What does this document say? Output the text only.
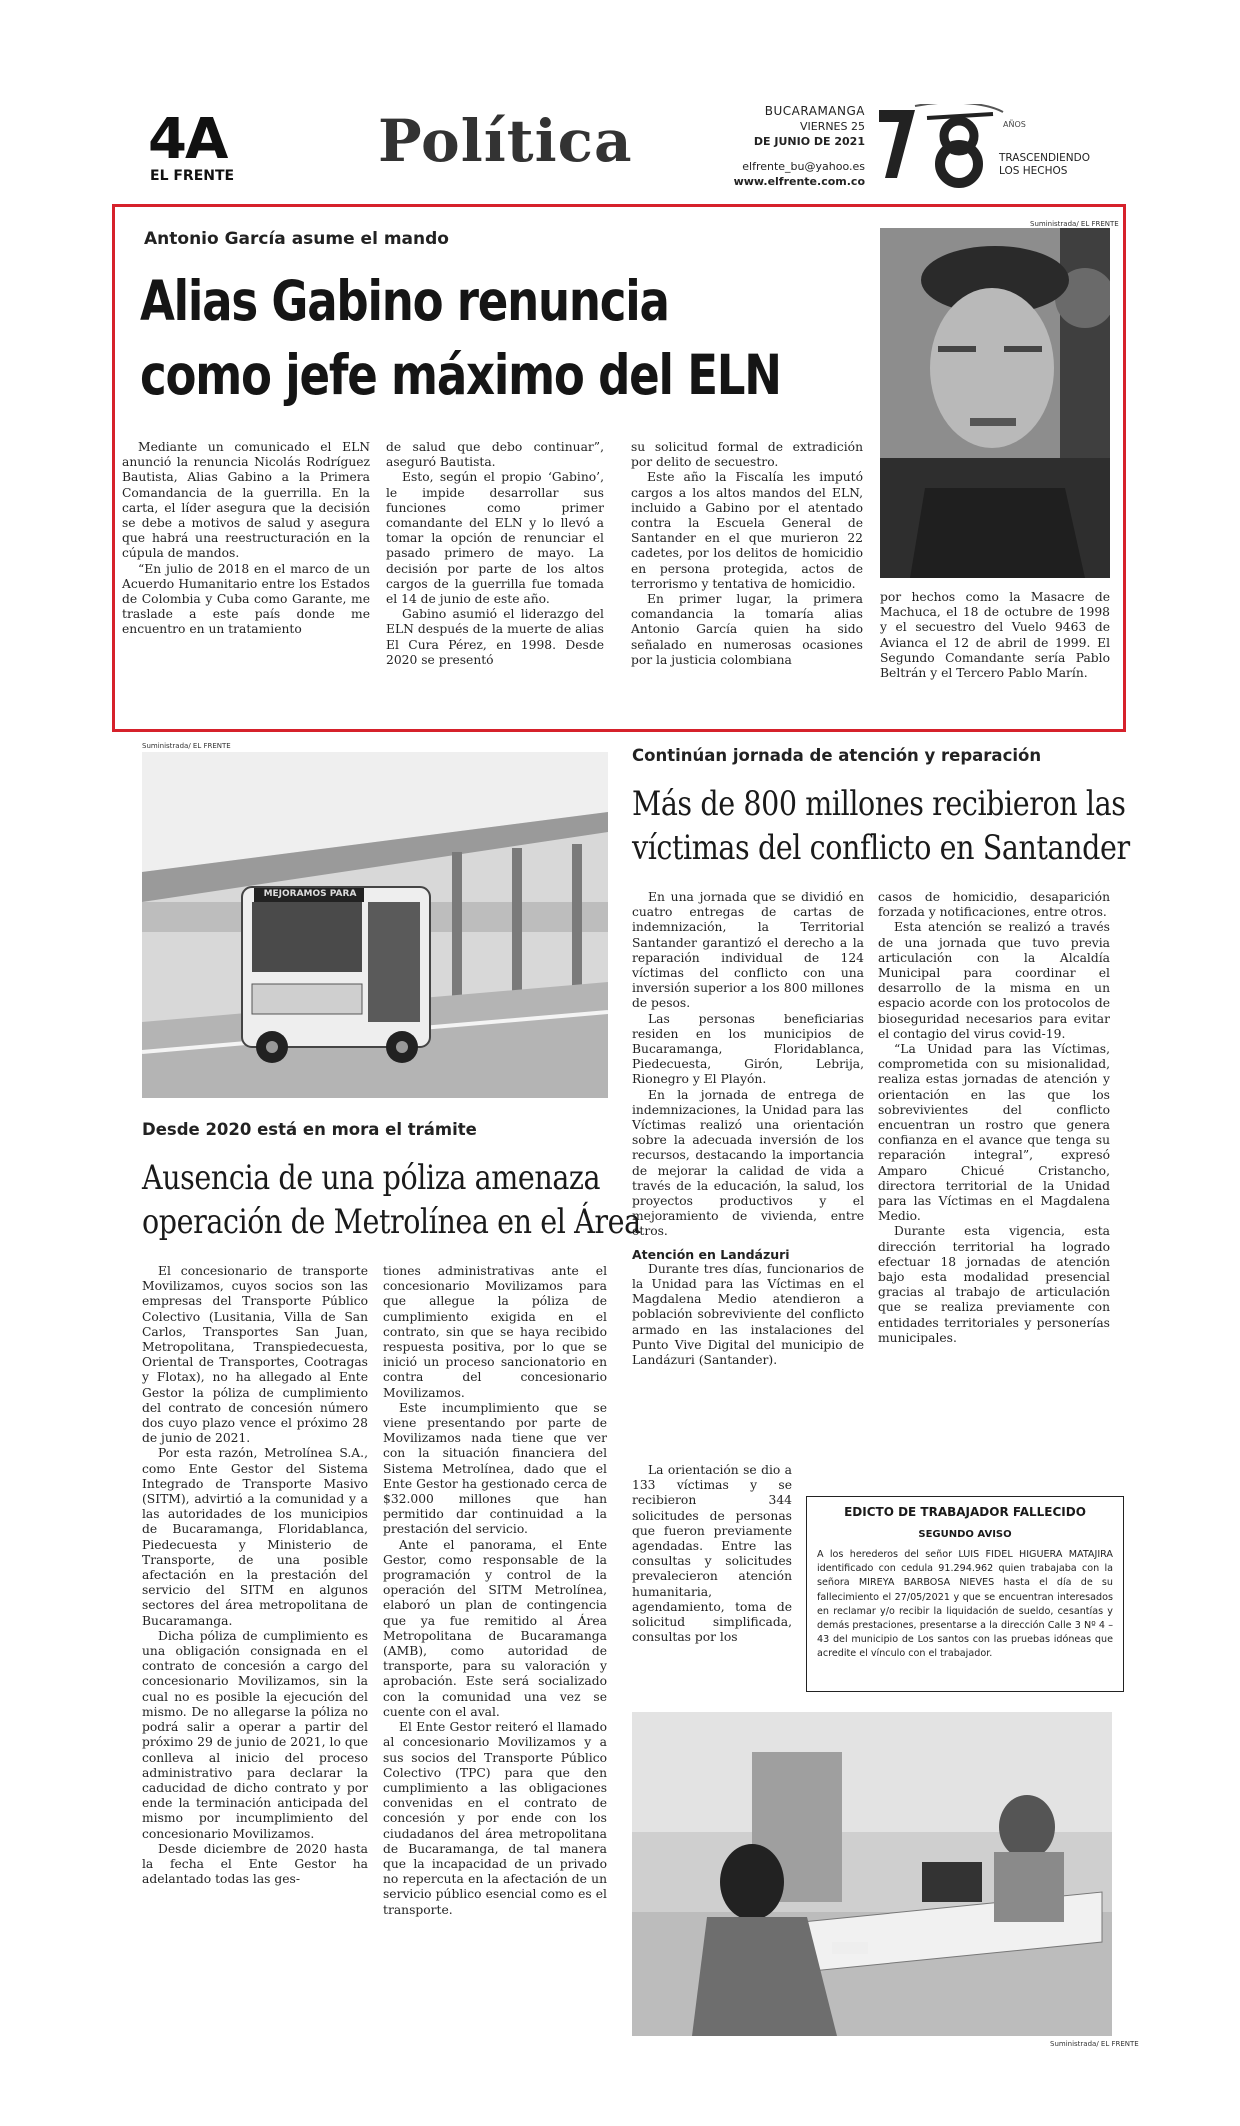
4A
EL FRENTE
Política	BUCARAMANGA
VIERNES 25
DE JUNIO DE 2021
elfrente_bu@yahoo.es
www.elfrente.com.co
AÑOS
TRASCENDIENDO
LOS HECHOS
Antonio García asume el mando
Alias Gabino renuncia
como jefe máximo del ELN
Suministrada/ EL FRENTE

Mediante un comunicado el ELN anunció la renuncia Nicolás Rodríguez Bautista, Alias Gabino a la Primera Comandancia de la guerrilla. En la carta, el líder asegura que la decisión se debe a motivos de salud y asegura que habrá una reestructuración en la cúpula de mandos.

“En julio de 2018 en el marco de un Acuerdo Humanitario entre los Estados de Colombia y Cuba como Garante, me traslade a este país donde me encuentro en un tratamiento

de salud que debo continuar”, aseguró Bautista.

Esto, según el propio ‘Gabino’, le impide desarrollar sus funciones como primer comandante del ELN y lo llevó a tomar la opción de renunciar el pasado primero de mayo. La decisión por parte de los altos cargos de la guerrilla fue tomada el 14 de junio de este año.

Gabino asumió el liderazgo del ELN después de la muerte de alias El Cura Pérez, en 1998. Desde 2020 se presentó

su solicitud formal de extradición por delito de secuestro.

Este año la Fiscalía les imputó cargos a los altos mandos del ELN, incluido a Gabino por el atentado contra la Escuela General de Santander en el que murieron 22 cadetes, por los delitos de homicidio en persona protegida, actos de terrorismo y tentativa de homicidio.

En primer lugar, la primera comandancia la tomaría alias Antonio García quien ha sido señalado en numerosas ocasiones por la justicia colombiana

por hechos como la Masacre de Machuca, el 18 de octubre de 1998 y el secuestro del Vuelo 9463 de Avianca el 12 de abril de 1999. El Segundo Comandante sería Pablo Beltrán y el Tercero Pablo Marín.

Suministrada/ EL FRENTE
MEJORAMOS PARA
Desde 2020 está en mora el trámite
Ausencia de una póliza amenaza
operación de Metrolínea en el Área

El concesionario de transporte Movilizamos, cuyos socios son las empresas del Transporte Público Colectivo (Lusitania, Villa de San Carlos, Transportes San Juan, Metropolitana, Transpiedecuesta, Oriental de Transportes, Cootragas y Flotax), no ha allegado al Ente Gestor la póliza de cumplimiento del contrato de concesión número dos cuyo plazo vence el próximo 28 de junio de 2021.

Por esta razón, Metrolínea S.A., como Ente Gestor del Sistema Integrado de Transporte Masivo (SITM), advirtió a la comunidad y a las autoridades de los municipios de Bucaramanga, Floridablanca, Piedecuesta y Ministerio de Transporte, de una posible afectación en la prestación del servicio del SITM en algunos sectores del área metropolitana de Bucaramanga.

Dicha póliza de cumplimiento es una obligación consignada en el contrato de concesión a cargo del concesionario Movilizamos, sin la cual no es posible la ejecución del mismo. De no allegarse la póliza no podrá salir a operar a partir del próximo 29 de junio de 2021, lo que conlleva al inicio del proceso administrativo para declarar la caducidad de dicho contrato y por ende la terminación anticipada del mismo por incumplimiento del concesionario Movilizamos.

Desde diciembre de 2020 hasta la fecha el Ente Gestor ha adelantado todas las ges-

tiones administrativas ante el concesionario Movilizamos para que allegue la póliza de cumplimiento exigida en el contrato, sin que se haya recibido respuesta positiva, por lo que se inició un proceso sancionatorio en contra del concesionario Movilizamos.

Este incumplimiento que se viene presentando por parte de Movilizamos nada tiene que ver con la situación financiera del Sistema Metrolínea, dado que el Ente Gestor ha gestionado cerca de $32.000 millones que han permitido dar continuidad a la prestación del servicio.

Ante el panorama, el Ente Gestor, como responsable de la programación y control de la operación del SITM Metrolínea, elaboró un plan de contingencia que ya fue remitido al Área Metropolitana de Bucaramanga (AMB), como autoridad de transporte, para su valoración y aprobación. Este será socializado con la comunidad una vez se cuente con el aval.

El Ente Gestor reiteró el llamado al concesionario Movilizamos y a sus socios del Transporte Público Colectivo (TPC) para que den cumplimiento a las obligaciones convenidas en el contrato de concesión y por ende con los ciudadanos del área metropolitana de Bucaramanga, de tal manera que la incapacidad de un privado no repercuta en la afectación de un servicio público esencial como es el transporte.

Continúan jornada de atención y reparación
Más de 800 millones recibieron las
víctimas del conflicto en Santander

En una jornada que se dividió en cuatro entregas de cartas de indemnización, la Territorial Santander garantizó el derecho a la reparación individual de 124 víctimas del conflicto con una inversión superior a los 800 millones de pesos.

Las personas beneficiarias residen en los municipios de Bucaramanga, Floridablanca, Piedecuesta, Girón, Lebrija, Rionegro y El Playón.

En la jornada de entrega de indemnizaciones, la Unidad para las Víctimas realizó una orientación sobre la adecuada inversión de los recursos, destacando la importancia de mejorar la calidad de vida a través de la educación, la salud, los proyectos productivos y el mejoramiento de vivienda, entre otros.

Atención en Landázuri

Durante tres días, funcionarios de la Unidad para las Víctimas en el Magdalena Medio atendieron a población sobreviviente del conflicto armado en las instalaciones del Punto Vive Digital del municipio de Landázuri (Santander).

La orientación se dio a 133 víctimas y se recibieron 344 solicitudes de personas que fueron previamente agendadas. Entre las consultas y solicitudes prevalecieron atención humanitaria, agendamiento, toma de solicitud simplificada, consultas por los

casos de homicidio, desaparición forzada y notificaciones, entre otros.

Esta atención se realizó a través de una jornada que tuvo previa articulación con la Alcaldía Municipal para coordinar el desarrollo de la misma en un espacio acorde con los protocolos de bioseguridad necesarios para evitar el contagio del virus covid-19.

“La Unidad para las Víctimas, comprometida con su misionalidad, realiza estas jornadas de atención y orientación en las que los sobrevivientes del conflicto encuentran un rostro que genera confianza en el avance que tenga su reparación integral”, expresó Amparo Chicué Cristancho, directora territorial de la Unidad para las Víctimas en el Magdalena Medio.

Durante esta vigencia, esta dirección territorial ha logrado efectuar 18 jornadas de atención bajo esta modalidad presencial gracias al trabajo de articulación que se realiza previamente con entidades territoriales y personerías municipales.

EDICTO DE TRABAJADOR FALLECIDO
SEGUNDO AVISO
A los herederos del señor LUIS FIDEL HIGUERA MATAJIRA identificado con cedula 91.294.962 quien trabajaba con la señora MIREYA BARBOSA NIEVES hasta el día de su fallecimiento el 27/05/2021 y que se encuentran interesados en reclamar y/o recibir la liquidación de sueldo, cesantías y demás prestaciones, presentarse a la dirección Calle 3 Nº 4 – 43 del municipio de Los santos con las pruebas idóneas que acredite el vínculo con el trabajador.
Suministrada/ EL FRENTE
